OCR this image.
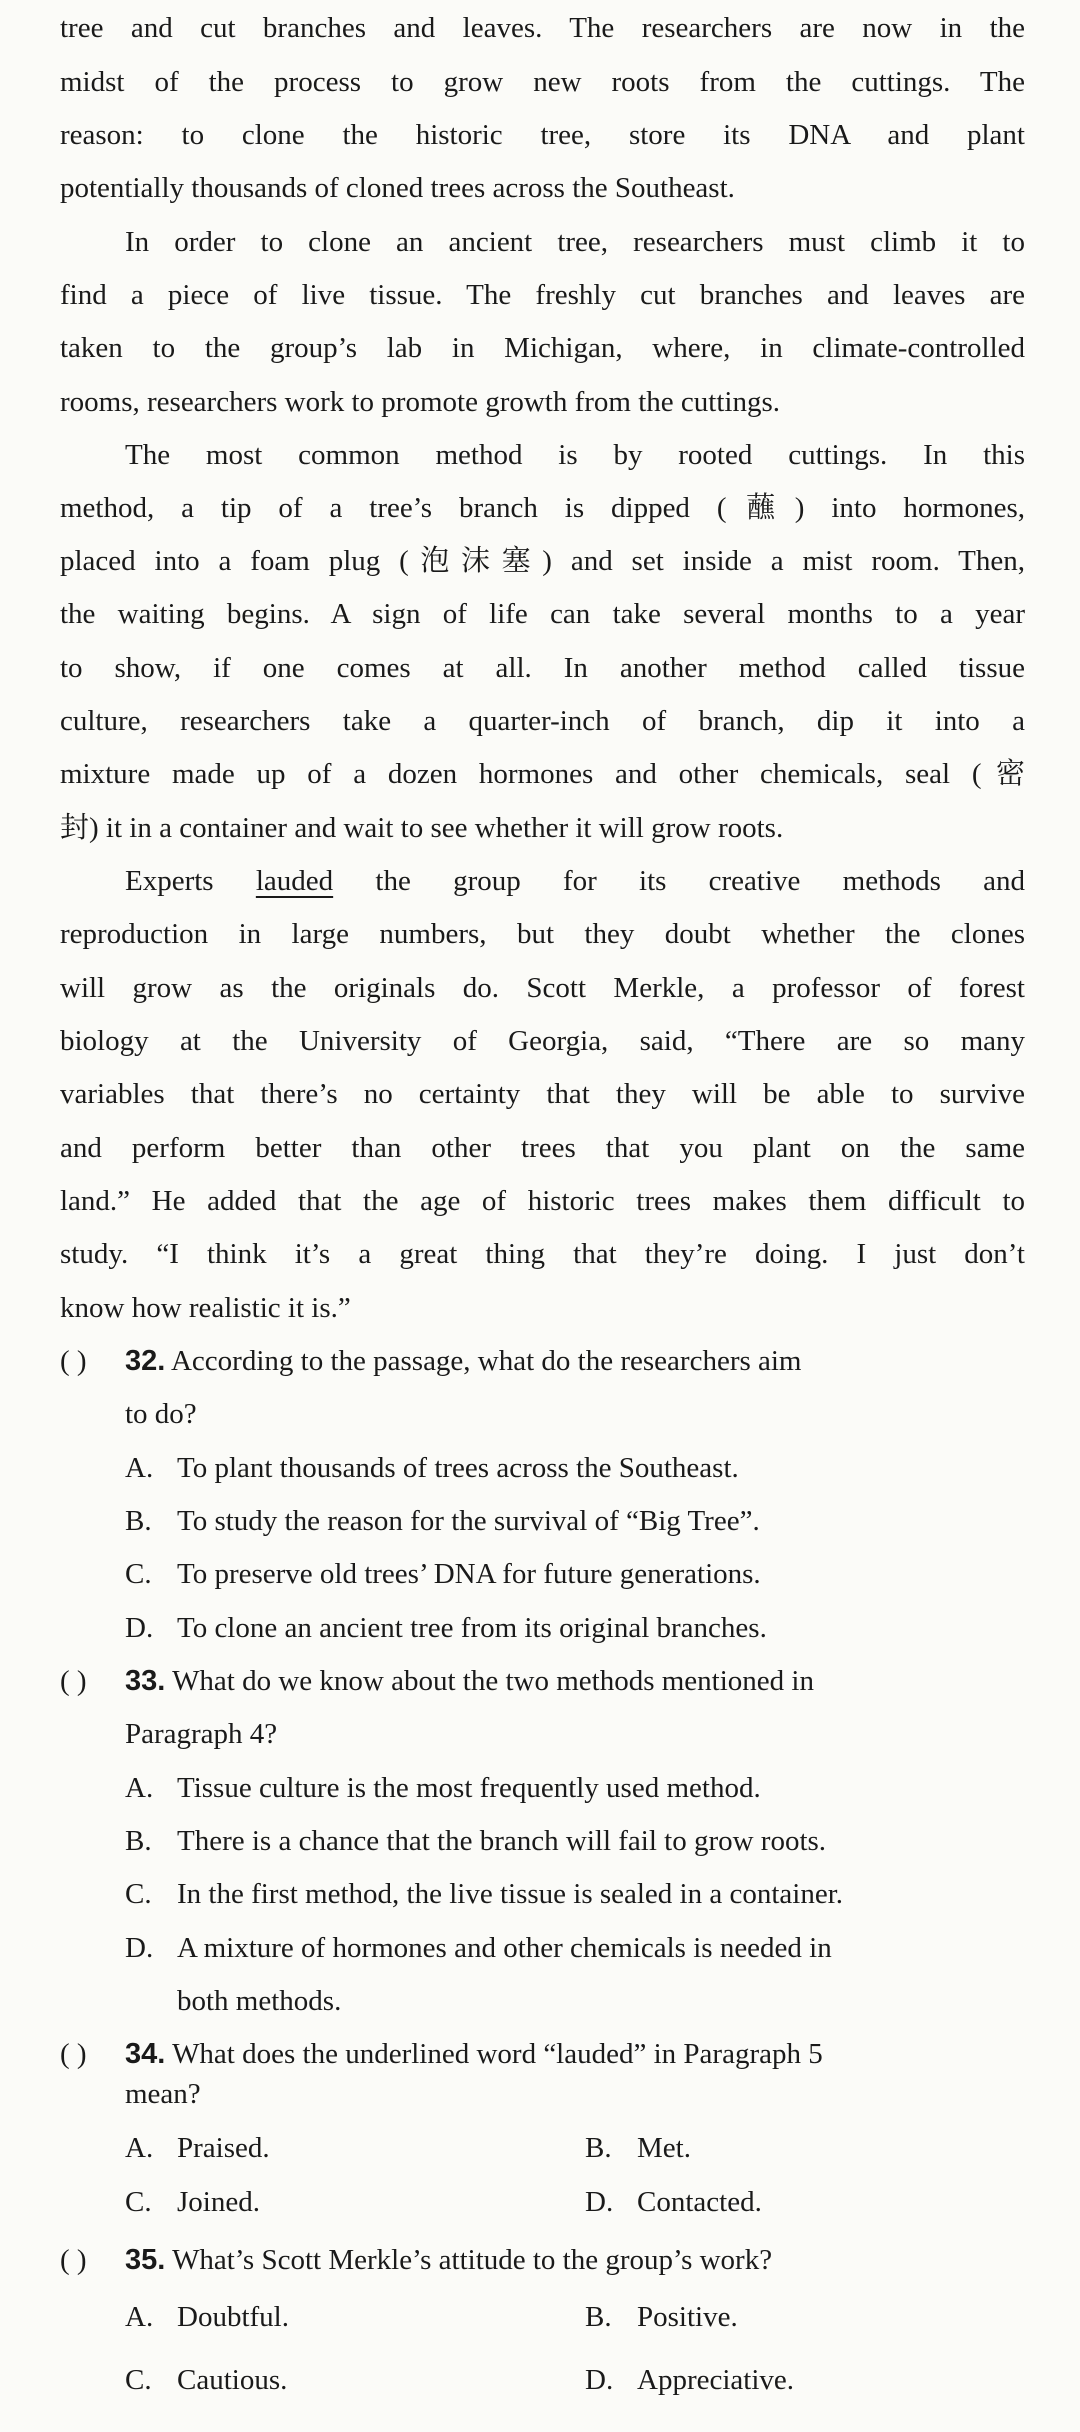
tree and cut branches and leaves. The researchers are now in the
midst of the process to grow new roots from the cuttings. The
reason: to clone the historic tree, store its DNA and plant
potentially thousands of cloned trees across the Southeast.
In order to clone an ancient tree, researchers must climb it to
find a piece of live tissue. The freshly cut branches and leaves are
taken to the group’s lab in Michigan, where, in climate-controlled
rooms, researchers work to promote growth from the cuttings.
The most common method is by rooted cuttings. In this
method, a tip of a tree’s branch is dipped (蘸) into hormones,
placed into a foam plug (泡沫塞) and set inside a mist room. Then,
the waiting begins. A sign of life can take several months to a year
to show, if one comes at all. In another method called tissue
culture, researchers take a quarter-inch of branch, dip it into a
mixture made up of a dozen hormones and other chemicals, seal (密
封) it in a container and wait to see whether it will grow roots.
Experts lauded the group for its creative methods and
reproduction in large numbers, but they doubt whether the clones
will grow as the originals do. Scott Merkle, a professor of forest
biology at the University of Georgia, said, “There are so many
variables that there’s no certainty that they will be able to survive
and perform better than other trees that you plant on the same
land.” He added that the age of historic trees makes them difficult to
study. “I think it’s a great thing that they’re doing. I just don’t
know how realistic it is.”
( ) 32. According to the passage, what do the researchers aim
to do?
A. To plant thousands of trees across the Southeast.
B. To study the reason for the survival of “Big Tree”.
C. To preserve old trees’ DNA for future generations.
D. To clone an ancient tree from its original branches.
( ) 33. What do we know about the two methods mentioned in
Paragraph 4?
A. Tissue culture is the most frequently used method.
B. There is a chance that the branch will fail to grow roots.
C. In the first method, the live tissue is sealed in a container.
D. A mixture of hormones and other chemicals is needed in
both methods.
( ) 34. What does the underlined word “lauded” in Paragraph 5
mean?
A. Praised.	B. Met.
C. Joined.	D. Contacted.
( ) 35. What’s Scott Merkle’s attitude to the group’s work?
A. Doubtful.	B. Positive.
C. Cautious.	D. Appreciative.
